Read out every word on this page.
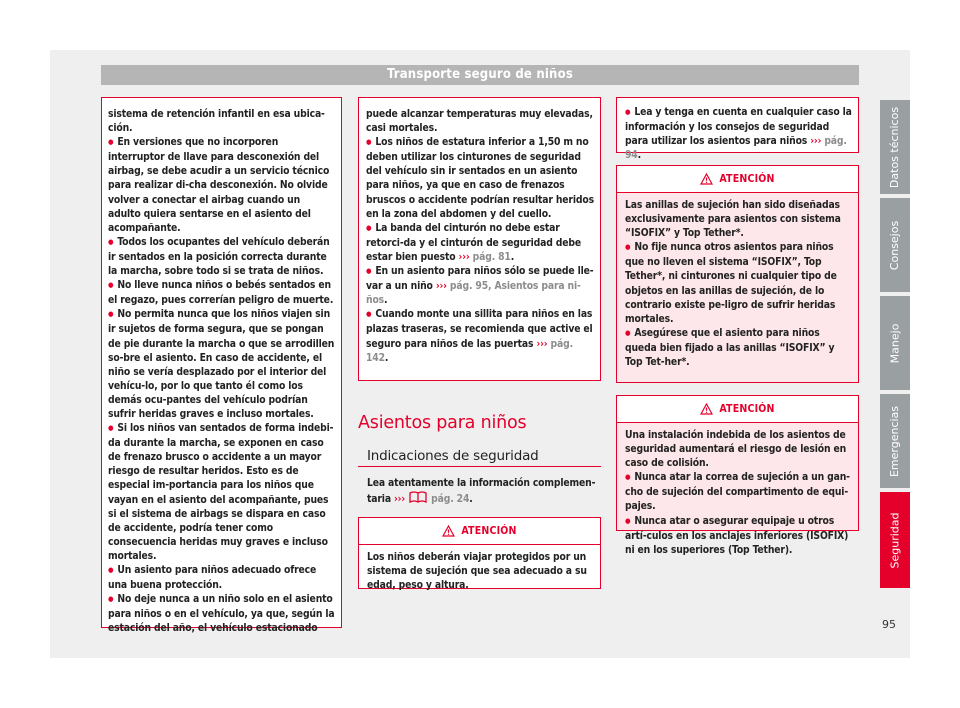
Transporte seguro de niños

sistema de retención infantil en esa ubica-ción.

● En versiones que no incorporen interruptor de llave para desconexión del airbag, se debe acudir a un servicio técnico para realizar di-cha desconexión. No olvide volver a conectar el airbag cuando un adulto quiera sentarse en el asiento del acompañante.

● Todos los ocupantes del vehículo deberán ir sentados en la posición correcta durante la marcha, sobre todo si se trata de niños.

● No lleve nunca niños o bebés sentados en el regazo, pues correrían peligro de muerte.

● No permita nunca que los niños viajen sin ir sujetos de forma segura, que se pongan de pie durante la marcha o que se arrodillen so-bre el asiento. En caso de accidente, el niño se vería desplazado por el interior del vehícu-lo, por lo que tanto él como los demás ocu-pantes del vehículo podrían sufrir heridas graves e incluso mortales.

● Si los niños van sentados de forma indebi-da durante la marcha, se exponen en caso de frenazo brusco o accidente a un mayor riesgo de resultar heridos. Esto es de especial im-portancia para los niños que vayan en el asiento del acompañante, pues si el sistema de airbags se dispara en caso de accidente, podría tener como consecuencia heridas muy graves e incluso mortales.

● Un asiento para niños adecuado ofrece una buena protección.

● No deje nunca a un niño solo en el asiento para niños o en el vehículo, ya que, según la estación del año, el vehículo estacionado

puede alcanzar temperaturas muy elevadas, casi mortales.

● Los niños de estatura inferior a 1,50 m no deben utilizar los cinturones de seguridad del vehículo sin ir sentados en un asiento para niños, ya que en caso de frenazos bruscos o accidente podrían resultar heridos en la zona del abdomen y del cuello.

● La banda del cinturón no debe estar retorci-da y el cinturón de seguridad debe estar bien puesto ››› pág. 81.

● En un asiento para niños sólo se puede lle-var a un niño ››› pág. 95, Asientos para ni-ños.

● Cuando monte una sillita para niños en las plazas traseras, se recomienda que active el seguro para niños de las puertas ››› pág. 142.

Asientos para niños
Indicaciones de seguridad

Lea atentamente la información complemen-taria ›››	pág. 24.

ATENCIÓN

Los niños deberán viajar protegidos por un sistema de sujeción que sea adecuado a su edad, peso y altura.

● Lea y tenga en cuenta en cualquier caso la información y los consejos de seguridad para utilizar los asientos para niños ››› pág. 94.

ATENCIÓN

Las anillas de sujeción han sido diseñadas exclusivamente para asientos con sistema “ISOFIX” y Top Tether*.

● No fije nunca otros asientos para niños que no lleven el sistema “ISOFIX”, Top Tether*, ni cinturones ni cualquier tipo de objetos en las anillas de sujeción, de lo contrario existe pe-ligro de sufrir heridas mortales.

● Asegúrese que el asiento para niños queda bien fijado a las anillas “ISOFIX” y Top Tet-her*.

ATENCIÓN

Una instalación indebida de los asientos de seguridad aumentará el riesgo de lesión en caso de colisión.

● Nunca atar la correa de sujeción a un gan-cho de sujeción del compartimento de equi-pajes.

● Nunca atar o asegurar equipaje u otros artí-culos en los anclajes inferiores (ISOFIX) ni en los superiores (Top Tether).

Datos técnicos
Consejos
Manejo
Emergencias
Seguridad
95
